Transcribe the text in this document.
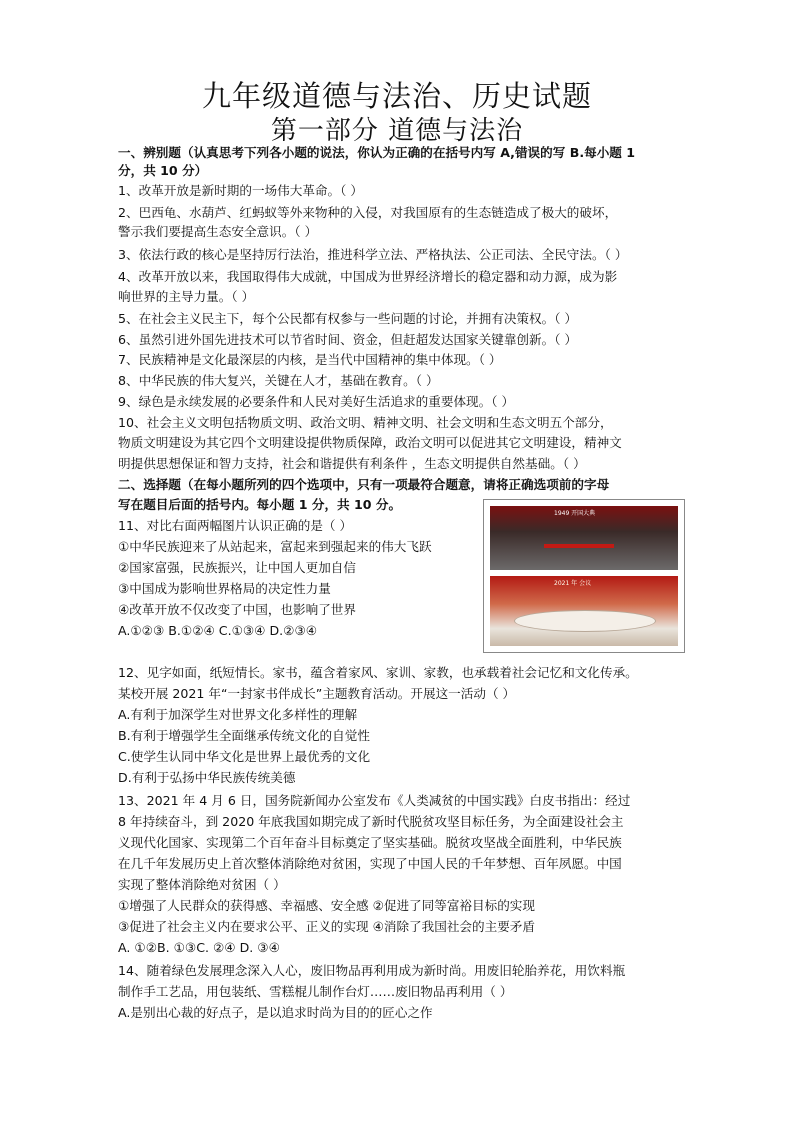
九年级道德与法治、历史试题
第一部分 道德与法治
一、辨别题（认真思考下列各小题的说法，你认为正确的在括号内写 A,错误的写 B.每小题 1
分，共 10 分）
1、改革开放是新时期的一场伟大革命。（ ）
2、巴西龟、水葫芦、红蚂蚁等外来物种的入侵，对我国原有的生态链造成了极大的破坏，
警示我们要提高生态安全意识。（ ）
3、依法行政的核心是坚持厉行法治，推进科学立法、严格执法、公正司法、全民守法。（ ）
4、改革开放以来，我国取得伟大成就，中国成为世界经济增长的稳定器和动力源，成为影
响世界的主导力量。（ ）
5、在社会主义民主下，每个公民都有权参与一些问题的讨论，并拥有决策权。（ ）
6、虽然引进外国先进技术可以节省时间、资金，但赶超发达国家关键靠创新。（ ）
7、民族精神是文化最深层的内核，是当代中国精神的集中体现。（ ）
8、中华民族的伟大复兴，关键在人才，基础在教育。（ ）
9、绿色是永续发展的必要条件和人民对美好生活追求的重要体现。（ ）
10、社会主义文明包括物质文明、政治文明、精神文明、社会文明和生态文明五个部分，
物质文明建设为其它四个文明建设提供物质保障，政治文明可以促进其它文明建设，精神文
明提供思想保证和智力支持，社会和谐提供有利条件 ，生态文明提供自然基础。（ ）
二、选择题（在每小题所列的四个选项中，只有一项最符合题意，请将正确选项前的字母
写在题目后面的括号内。每小题 1 分，共 10 分。
11、对比右面两幅图片认识正确的是（ ）
①中华民族迎来了从站起来，富起来到强起来的伟大飞跃
②国家富强，民族振兴，让中国人更加自信
③中国成为影响世界格局的决定性力量
④改革开放不仅改变了中国，也影响了世界
A.①②③ B.①②④ C.①③④ D.②③④
1949 开国大典
2021 年 会议
12、见字如面，纸短情长。家书，蕴含着家风、家训、家教，也承载着社会记忆和文化传承。
某校开展 2021 年“一封家书伴成长”主题教育活动。开展这一活动（ ）
A.有利于加深学生对世界文化多样性的理解
B.有利于增强学生全面继承传统文化的自觉性
C.使学生认同中华文化是世界上最优秀的文化
D.有利于弘扬中华民族传统美德
13、2021 年 4 月 6 日，国务院新闻办公室发布《人类减贫的中国实践》白皮书指出：经过
8 年持续奋斗，到 2020 年底我国如期完成了新时代脱贫攻坚目标任务，为全面建设社会主
义现代化国家、实现第二个百年奋斗目标奠定了坚实基础。脱贫攻坚战全面胜利，中华民族
在几千年发展历史上首次整体消除绝对贫困，实现了中国人民的千年梦想、百年夙愿。中国
实现了整体消除绝对贫困（ ）
①增强了人民群众的获得感、幸福感、安全感 ②促进了同等富裕目标的实现
③促进了社会主义内在要求公平、正义的实现 ④消除了我国社会的主要矛盾
A. ①②B. ①③C. ②④ D. ③④
14、随着绿色发展理念深入人心，废旧物品再利用成为新时尚。用废旧轮胎养花，用饮料瓶
制作手工艺品，用包装纸、雪糕棍儿制作台灯……废旧物品再利用（ ）
A.是别出心裁的好点子，是以追求时尚为目的的匠心之作
